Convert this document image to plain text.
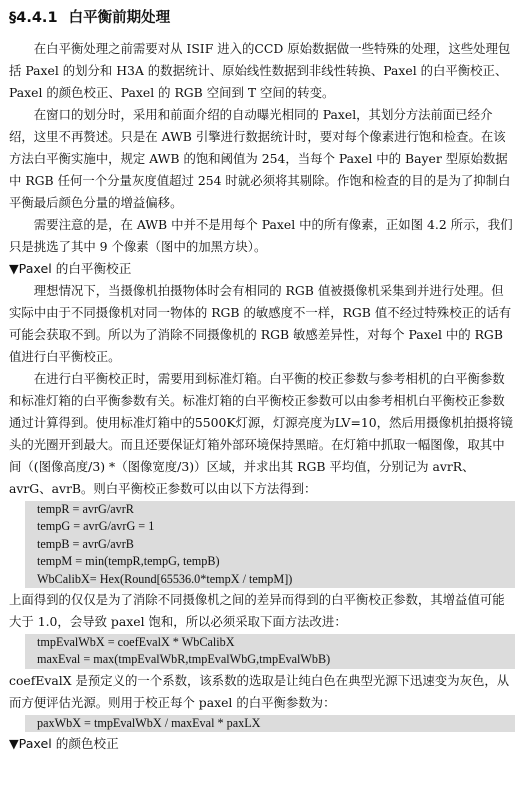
§4.4.1 白平衡前期处理

在白平衡处理之前需要对从 ISIF 进入的CCD 原始数据做一些特殊的处理，这些处理包括 Paxel 的划分和 H3A 的数据统计、原始线性数据到非线性转换、Paxel 的白平衡校正、Paxel 的颜色校正、Paxel 的 RGB 空间到 T 空间的转变。

在窗口的划分时，采用和前面介绍的自动曝光相同的 Paxel，其划分方法前面已经介绍，这里不再赘述。只是在 AWB 引擎进行数据统计时，要对每个像素进行饱和检查。在该方法白平衡实施中，规定 AWB 的饱和阈值为 254，当每个 Paxel 中的 Bayer 型原始数据中 RGB 任何一个分量灰度值超过 254 时就必须将其剔除。作饱和检查的目的是为了抑制白平衡最后颜色分量的增益偏移。

需要注意的是，在 AWB 中并不是用每个 Paxel 中的所有像素，正如图 4.2 所示，我们只是挑选了其中 9 个像素（图中的加黑方块）。

▼Paxel 的白平衡校正

理想情况下，当摄像机拍摄物体时会有相同的 RGB 值被摄像机采集到并进行处理。但实际中由于不同摄像机对同一物体的 RGB 的敏感度不一样，RGB 值不经过特殊校正的话有可能会获取不到。所以为了消除不同摄像机的 RGB 敏感差异性，对每个 Paxel 中的 RGB 值进行白平衡校正。

在进行白平衡校正时，需要用到标准灯箱。白平衡的校正参数与参考相机的白平衡参数和标准灯箱的白平衡参数有关。标准灯箱的白平衡校正参数可以由参考相机白平衡校正参数通过计算得到。使用标准灯箱中的5500K灯源，灯源亮度为LV=10，然后用摄像机拍摄将镜头的光圈开到最大。而且还要保证灯箱外部环境保持黑暗。在灯箱中抓取一幅图像，取其中间（(图像高度/3) *（图像宽度/3)）区域，并求出其 RGB 平均值，分别记为 avrR、avrG、avrB。则白平衡校正参数可以由以下方法得到：

tempR = avrG/avrR
tempG = avrG/avrG = 1
tempB = avrG/avrB
tempM = min(tempR,tempG, tempB)
WbCalibX= Hex(Round[65536.0*tempX / tempM])

上面得到的仅仅是为了消除不同摄像机之间的差异而得到的白平衡校正参数，其增益值可能大于 1.0，会导致 paxel 饱和，所以必须采取下面方法改进：

tmpEvalWbX = coefEvalX * WbCalibX
maxEval = max(tmpEvalWbR,tmpEvalWbG,tmpEvalWbB)

coefEvalX 是预定义的一个系数，该系数的选取是让纯白色在典型光源下迅速变为灰色，从而方便评估光源。则用于校正每个 paxel 的白平衡参数为：

paxWbX = tmpEvalWbX / maxEval * paxLX
▼Paxel 的颜色校正
